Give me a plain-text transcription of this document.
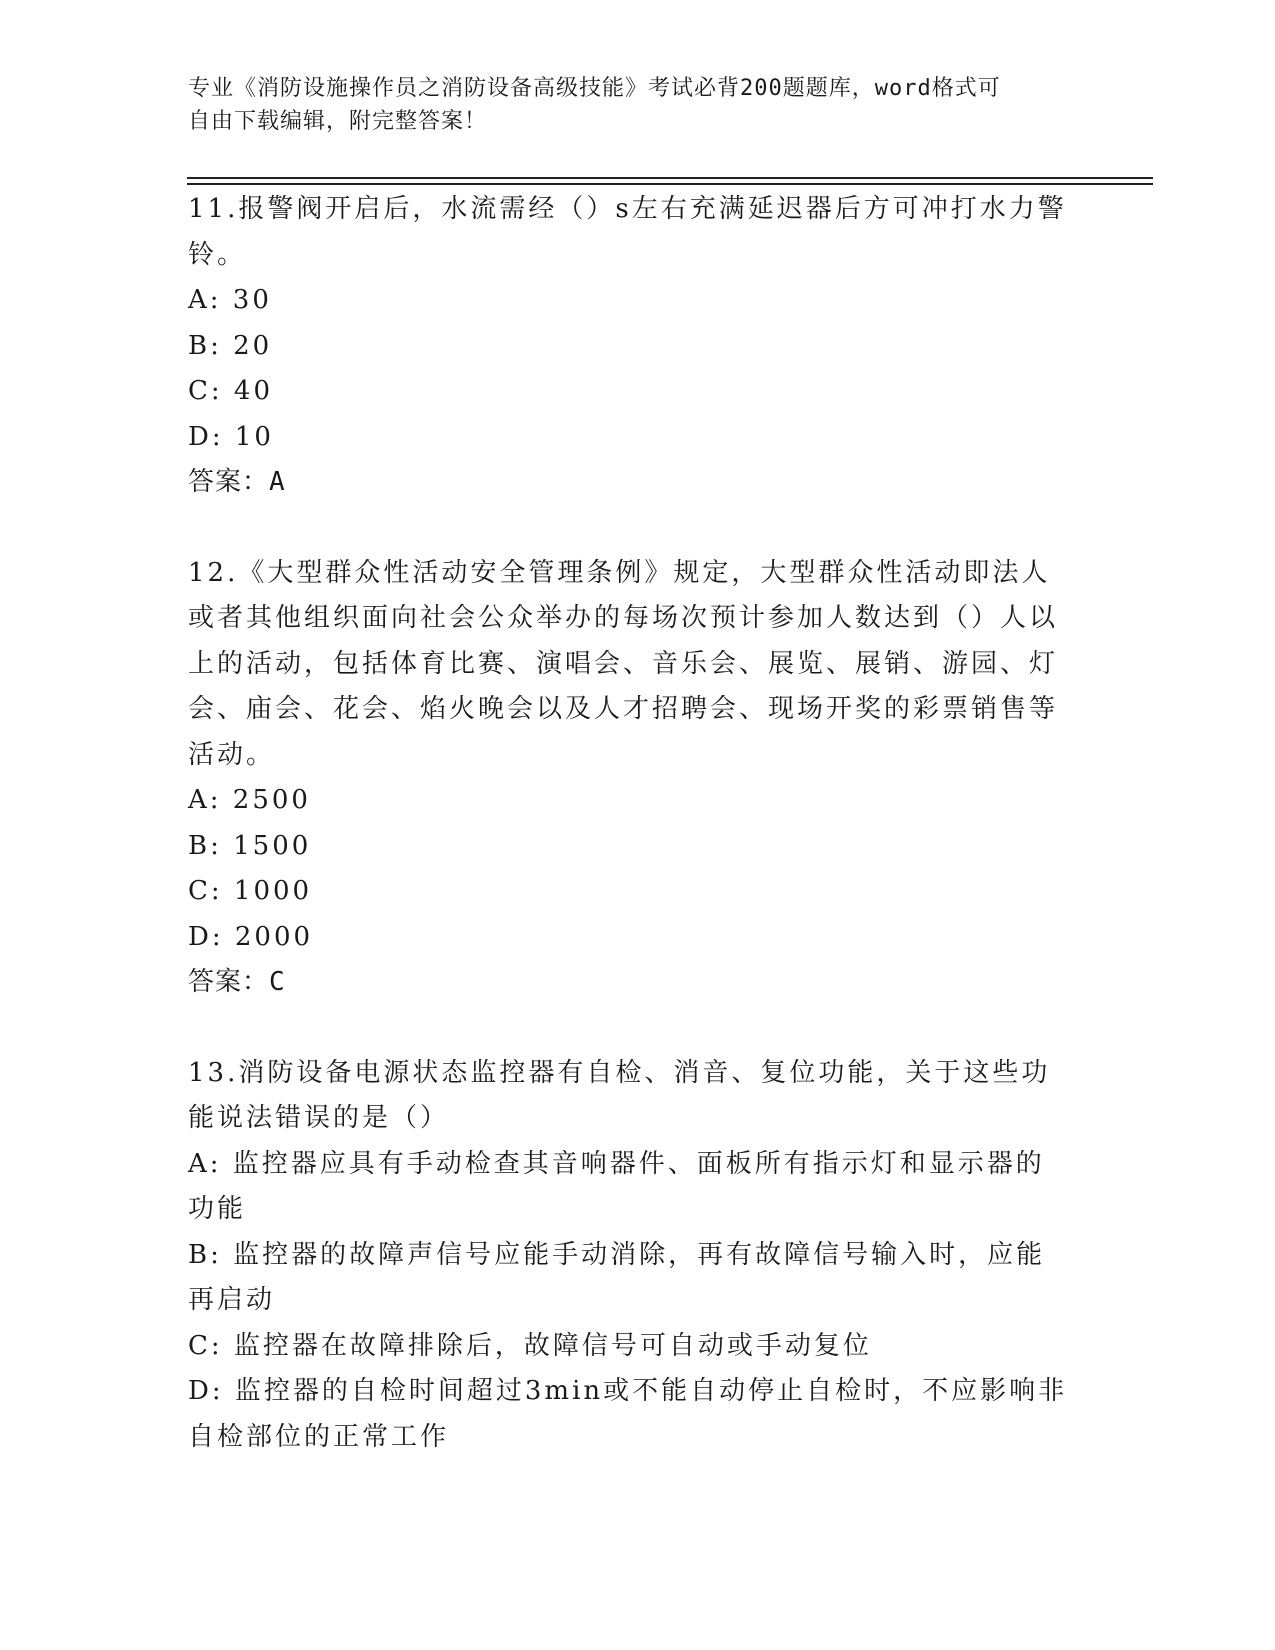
专业《消防设施操作员之消防设备高级技能》考试必背200题题库，word格式可
自由下载编辑，附完整答案！

11.报警阀开启后，水流需经（）s左右充满延迟器后方可冲打水力警铃。

A: 30

B: 20

C: 40

D: 10

答案：A

12.《大型群众性活动安全管理条例》规定，大型群众性活动即法人或者其他组织面向社会公众举办的每场次预计参加人数达到（）人以上的活动，包括体育比赛、演唱会、音乐会、展览、展销、游园、灯会、庙会、花会、焰火晚会以及人才招聘会、现场开奖的彩票销售等活动。

A: 2500

B: 1500

C: 1000

D: 2000

答案：C

13.消防设备电源状态监控器有自检、消音、复位功能，关于这些功能说法错误的是（）

A: 监控器应具有手动检查其音响器件、面板所有指示灯和显示器的功能

B: 监控器的故障声信号应能手动消除，再有故障信号输入时，应能再启动

C: 监控器在故障排除后，故障信号可自动或手动复位

D: 监控器的自检时间超过3min或不能自动停止自检时，不应影响非自检部位的正常工作
